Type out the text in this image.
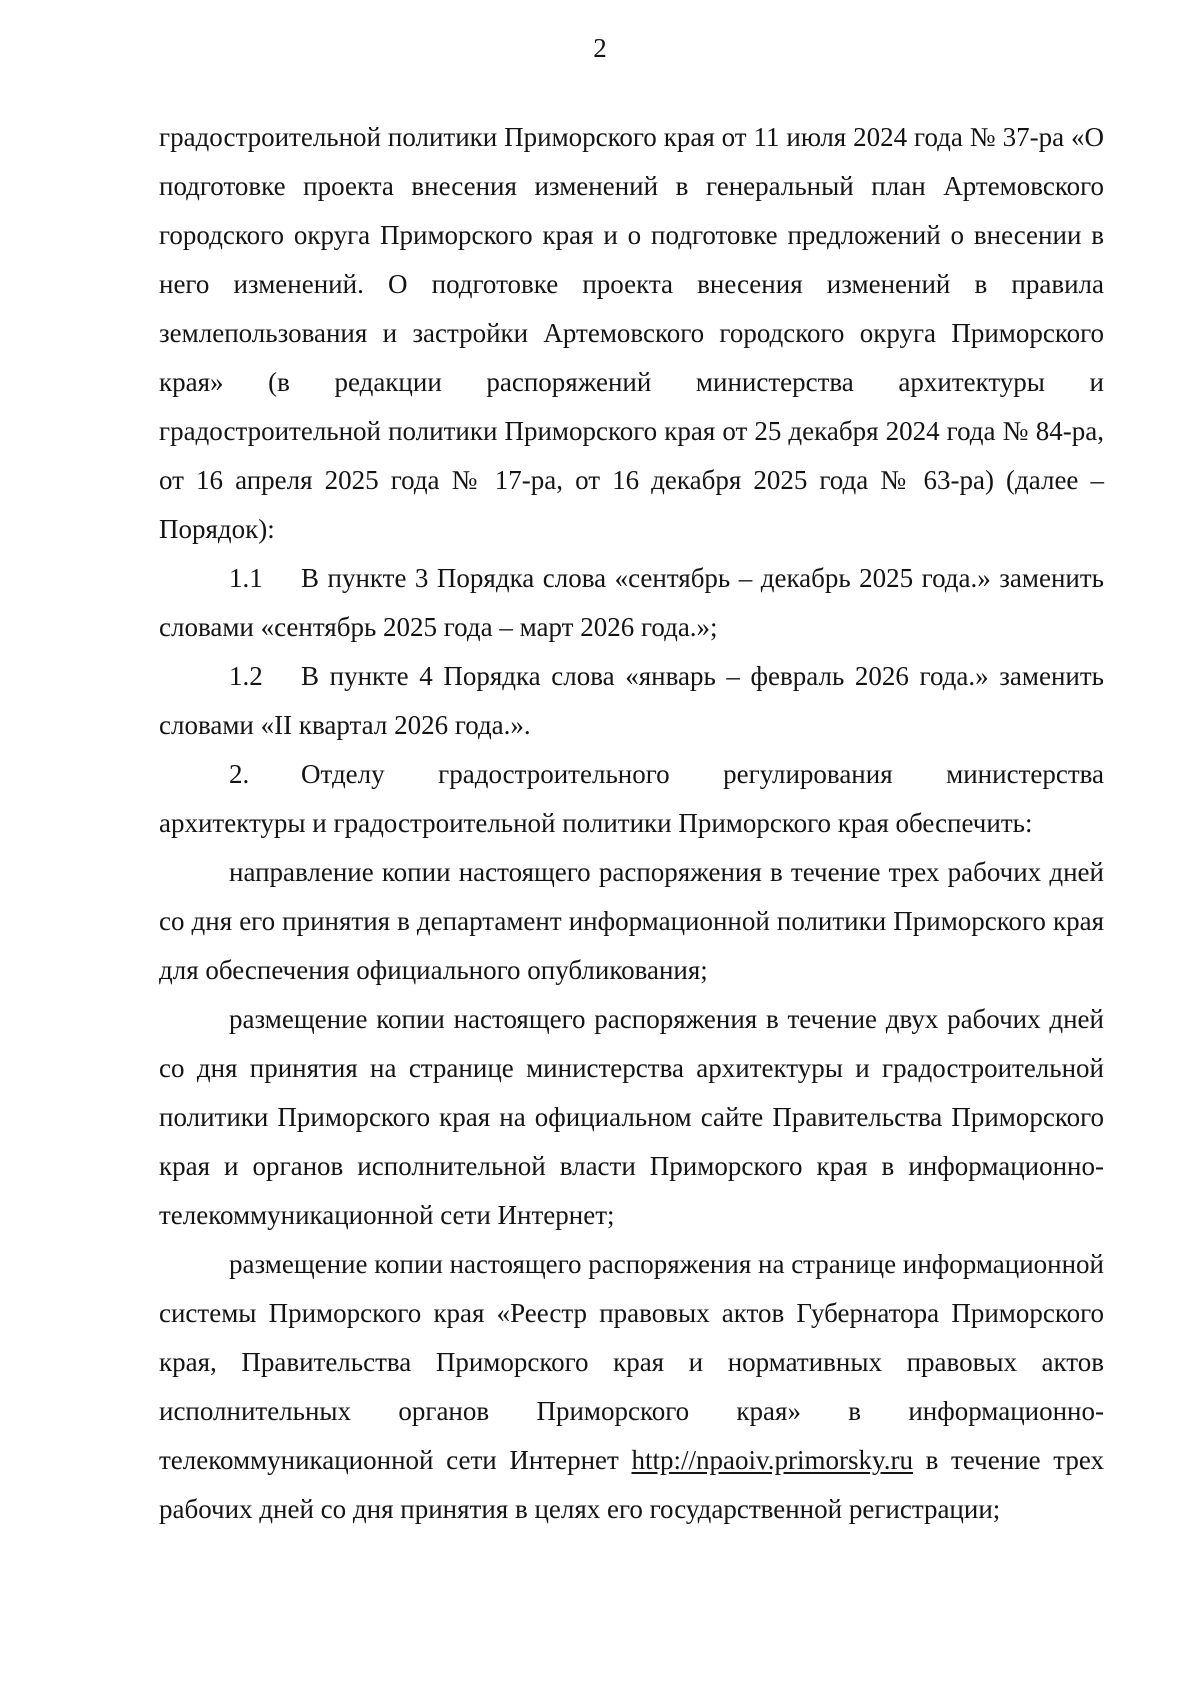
2

градостроительной политики Приморского края от 11 июля 2024 года № 37-ра «О подготовке проекта внесения изменений в генеральный план Артемовского городского округа Приморского края и о подготовке предложений о внесении в него изменений. О подготовке проекта внесения изменений в правила землепользования и застройки Артемовского городского округа Приморского края» (в редакции распоряжений министерства архитектуры и градостроительной политики Приморского края от 25 декабря 2024 года № 84-ра, от 16 апреля 2025 года № 17-ра, от 16 декабря 2025 года № 63-ра) (далее – Порядок):

1.1 В пункте 3 Порядка слова «сентябрь – декабрь 2025 года.» заменить словами «сентябрь 2025 года – март 2026 года.»;

1.2 В пункте 4 Порядка слова «январь – февраль 2026 года.» заменить словами «II квартал 2026 года.».

2. Отделу градостроительного регулирования министерства архитектуры и градостроительной политики Приморского края обеспечить:

направление копии настоящего распоряжения в течение трех рабочих дней со дня его принятия в департамент информационной политики Приморского края для обеспечения официального опубликования;

размещение копии настоящего распоряжения в течение двух рабочих дней со дня принятия на странице министерства архитектуры и градостроительной политики Приморского края на официальном сайте Правительства Приморского края и органов исполнительной власти Приморского края в информационно-телекоммуникационной сети Интернет;

размещение копии настоящего распоряжения на странице информационной системы Приморского края «Реестр правовых актов Губернатора Приморского края, Правительства Приморского края и нормативных правовых актов исполнительных органов Приморского края» в информационно-телекоммуникационной сети Интернет http://npaoiv.primorsky.ru в течение трех рабочих дней со дня принятия в целях его государственной регистрации;
